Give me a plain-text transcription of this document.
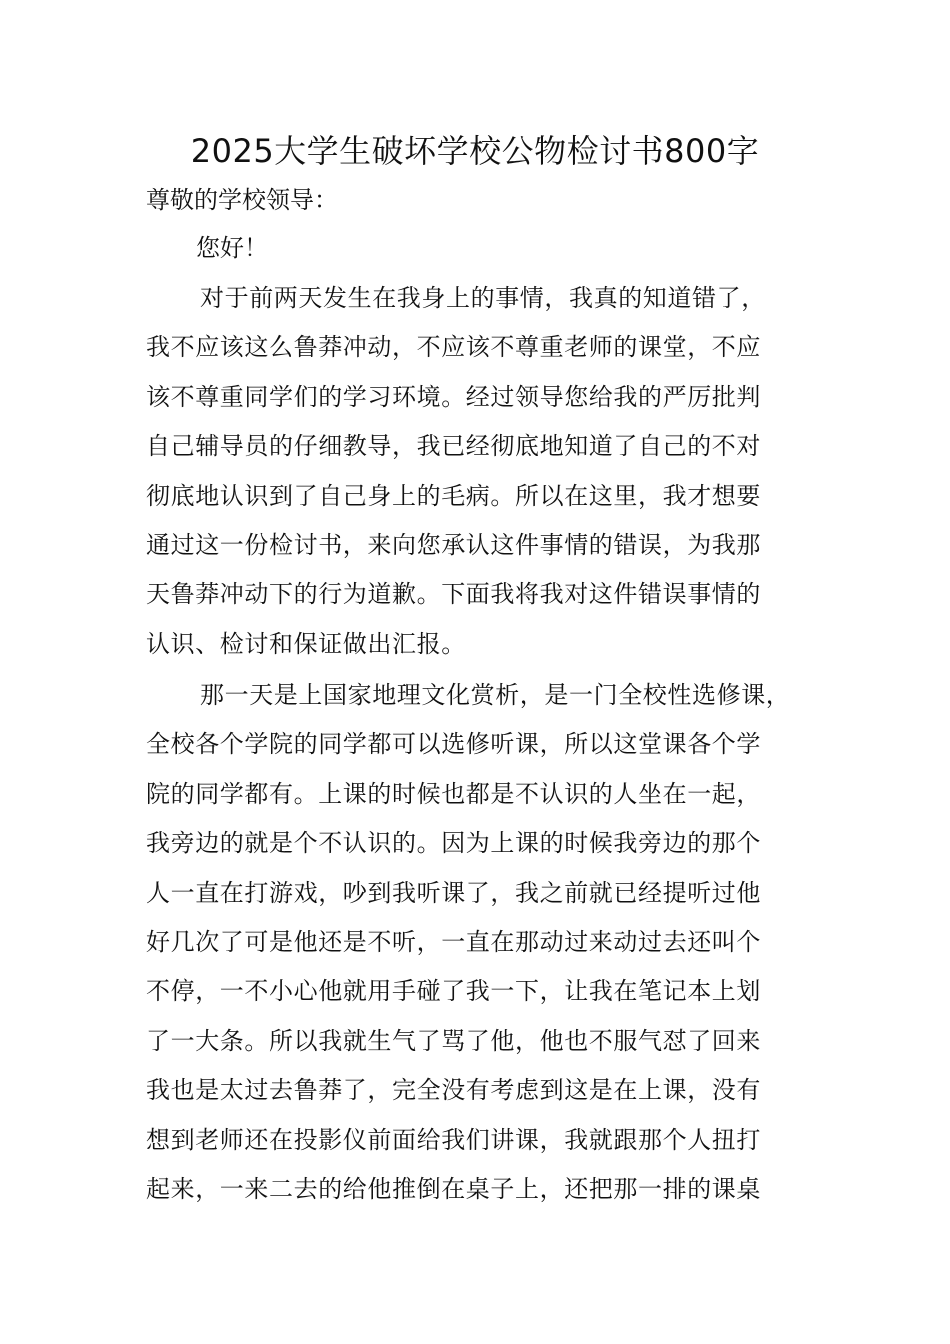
2025大学生破坏学校公物检讨书800字

尊敬的学校领导：

您好！

对于前两天发生在我身上的事情，我真的知道错了，
我不应该这么鲁莽冲动，不应该不尊重老师的课堂，不应
该不尊重同学们的学习环境。经过领导您给我的严厉批判
自己辅导员的仔细教导，我已经彻底地知道了自己的不对
彻底地认识到了自己身上的毛病。所以在这里，我才想要
通过这一份检讨书，来向您承认这件事情的错误，为我那
天鲁莽冲动下的行为道歉。下面我将我对这件错误事情的
认识、检讨和保证做出汇报。
那一天是上国家地理文化赏析，是一门全校性选修课，
全校各个学院的同学都可以选修听课，所以这堂课各个学
院的同学都有。上课的时候也都是不认识的人坐在一起，
我旁边的就是个不认识的。因为上课的时候我旁边的那个
人一直在打游戏，吵到我听课了，我之前就已经提听过他
好几次了可是他还是不听，一直在那动过来动过去还叫个
不停，一不小心他就用手碰了我一下，让我在笔记本上划
了一大条。所以我就生气了骂了他，他也不服气怼了回来
我也是太过去鲁莽了，完全没有考虑到这是在上课，没有
想到老师还在投影仪前面给我们讲课，我就跟那个人扭打
起来，一来二去的给他推倒在桌子上，还把那一排的课桌
